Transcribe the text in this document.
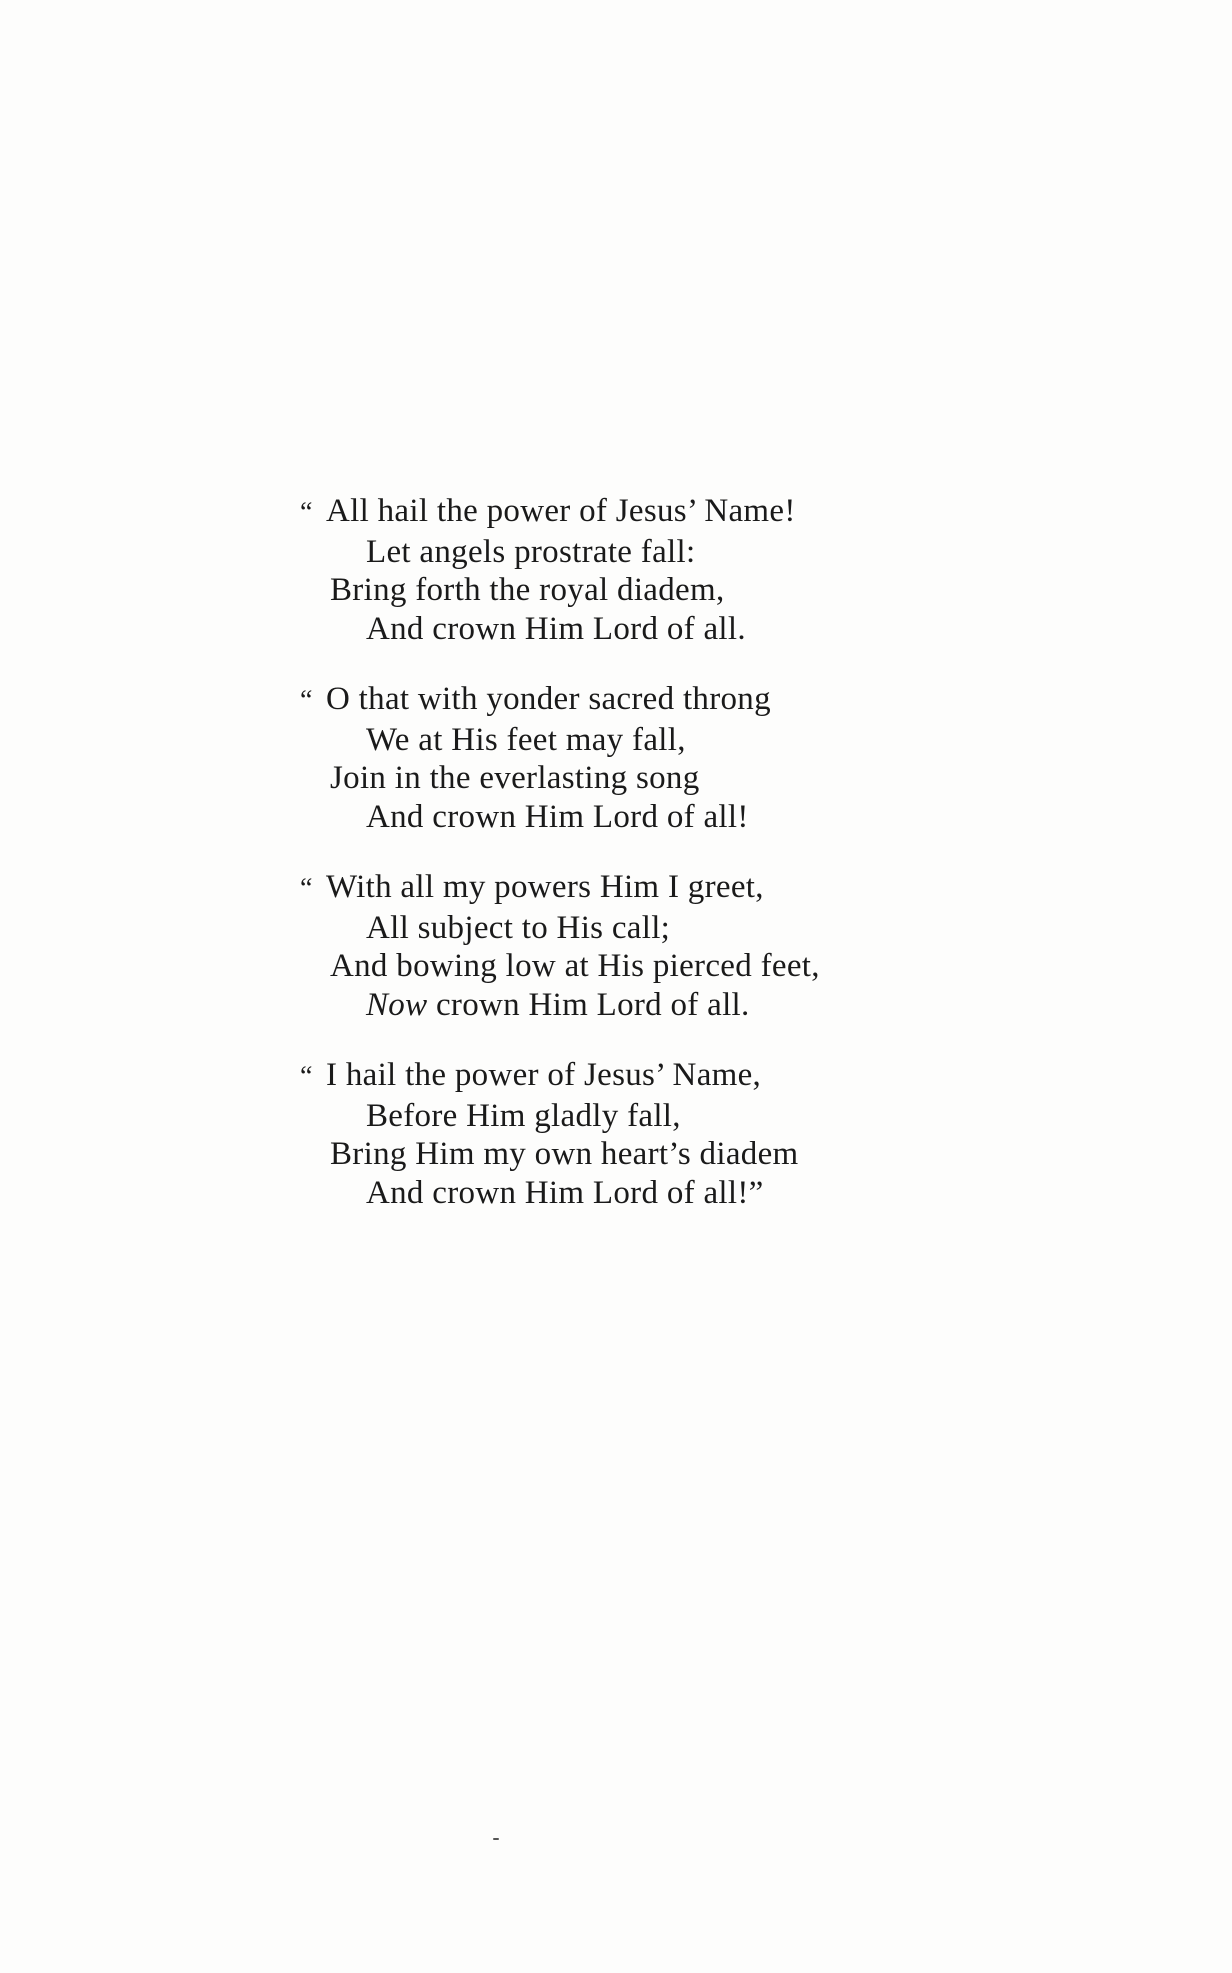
“ All hail the power of Jesus’ Name!
Let angels prostrate fall:
Bring forth the royal diadem,
And crown Him Lord of all.
“ O that with yonder sacred throng
We at His feet may fall,
Join in the everlasting song
And crown Him Lord of all!
“ With all my powers Him I greet,
All subject to His call;
And bowing low at His pierced feet,
Now crown Him Lord of all.
“ I hail the power of Jesus’ Name,
Before Him gladly fall,
Bring Him my own heart’s diadem
And crown Him Lord of all!”
